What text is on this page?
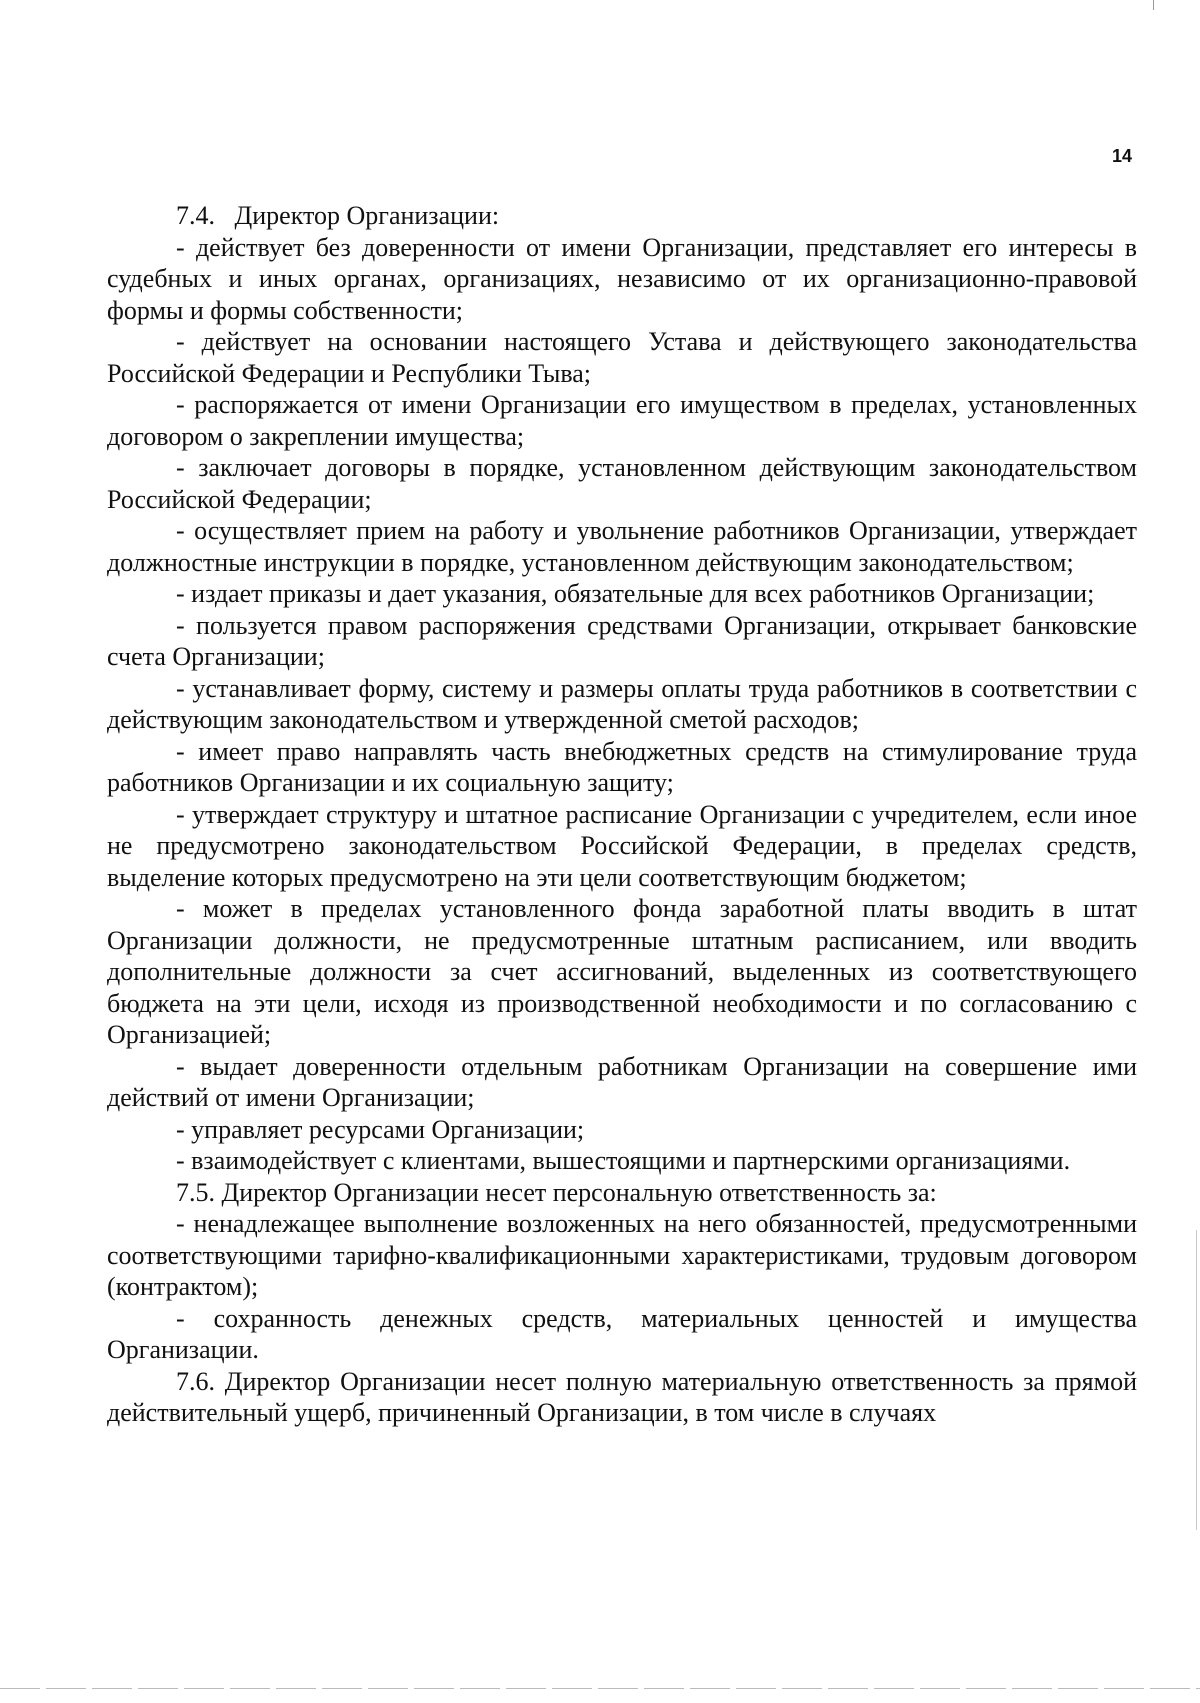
14

7.4.   Директор Организации:

- действует без доверенности от имени Организации, представляет его интересы в судебных и иных органах, организациях, независимо от их организационно-правовой формы и формы собственности;

- действует на основании настоящего Устава и действующего законодательства Российской Федерации и Республики Тыва;

- распоряжается от имени Организации его имуществом в пределах, установленных договором о закреплении имущества;

- заключает договоры в порядке, установленном действующим законодательством Российской Федерации;

- осуществляет прием на работу и увольнение работников Организации, утверждает должностные инструкции в порядке, установленном действующим законодательством;

- издает приказы и дает указания, обязательные для всех работников Организации;

- пользуется правом распоряжения средствами Организации, открывает банковские счета Организации;

- устанавливает форму, систему и размеры оплаты труда работников в соответствии с действующим законодательством и утвержденной сметой расходов;

- имеет право направлять часть внебюджетных средств на стимулирование труда работников Организации и их социальную защиту;

- утверждает структуру и штатное расписание Организации с учредителем, если иное не предусмотрено законодательством Российской Федерации, в пределах средств, выделение которых предусмотрено на эти цели соответствующим бюджетом;

- может в пределах установленного фонда заработной платы вводить в штат Организации должности, не предусмотренные штатным расписанием, или вводить дополнительные должности за счет ассигнований, выделенных из соответствующего бюджета на эти цели, исходя из производственной необходимости и по согласованию с Организацией;

- выдает доверенности отдельным работникам Организации на совершение ими действий от имени Организации;

- управляет ресурсами Организации;

- взаимодействует с клиентами, вышестоящими и партнерскими организациями.

7.5. Директор Организации несет персональную ответственность за:

- ненадлежащее выполнение возложенных на него обязанностей, предусмотренными соответствующими тарифно-квалификационными характеристиками, трудовым договором (контрактом);

- сохранность денежных средств, материальных ценностей и имущества Организации.

7.6. Директор Организации несет полную материальную ответственность за прямой действительный ущерб, причиненный Организации, в том числе в случаях
